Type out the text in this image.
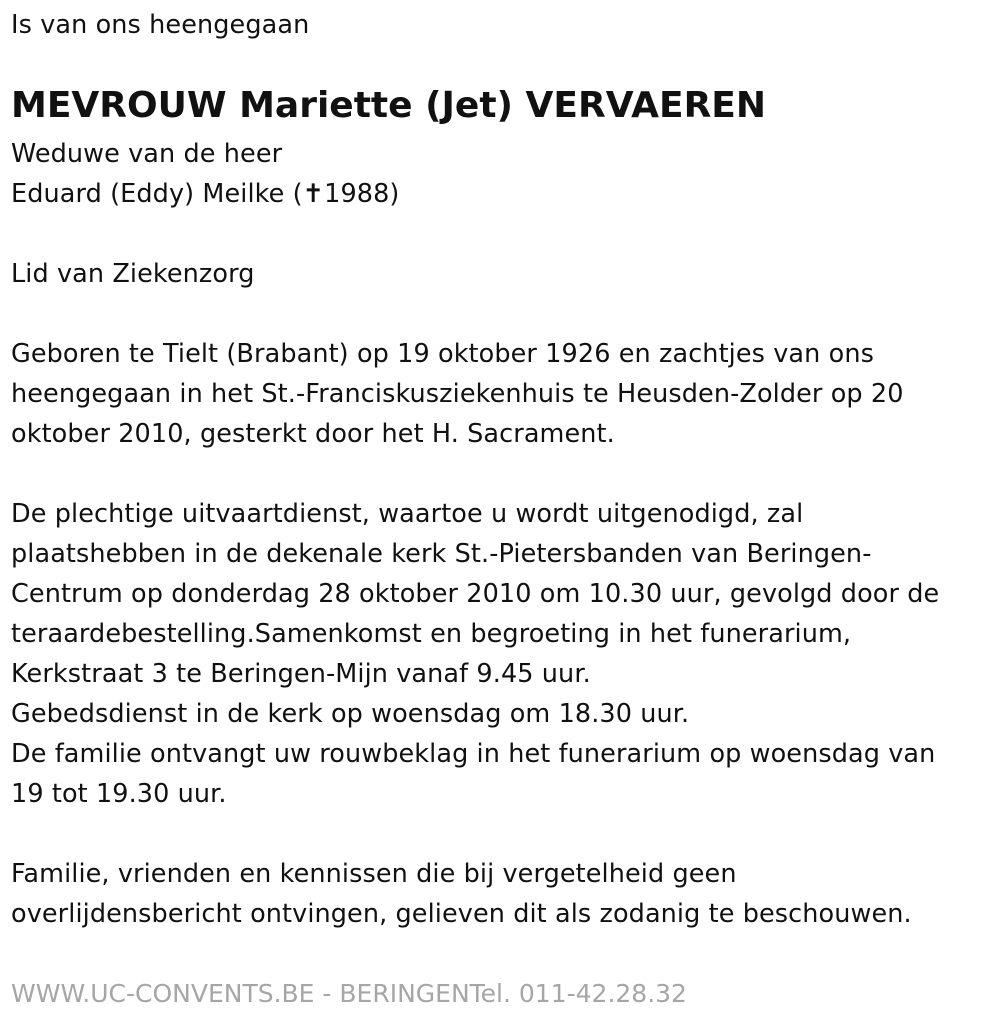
Is van ons heengegaan
MEVROUW Mariette (Jet) VERVAEREN
Weduwe van de heer
Eduard (Eddy) Meilke (✝1988)
Lid van Ziekenzorg
Geboren te Tielt (Brabant) op 19 oktober 1926 en zachtjes van ons
heengegaan in het St.-Franciskusziekenhuis te Heusden-Zolder op 20
oktober 2010, gesterkt door het H. Sacrament.
De plechtige uitvaartdienst, waartoe u wordt uitgenodigd, zal
plaatshebben in de dekenale kerk St.-Pietersbanden van Beringen-
Centrum op donderdag 28 oktober 2010 om 10.30 uur, gevolgd door de
teraardebestelling.Samenkomst en begroeting in het funerarium,
Kerkstraat 3 te Beringen-Mijn vanaf 9.45 uur.
Gebedsdienst in de kerk op woensdag om 18.30 uur.
De familie ontvangt uw rouwbeklag in het funerarium op woensdag van
19 tot 19.30 uur.
Familie, vrienden en kennissen die bij vergetelheid geen
overlijdensbericht ontvingen, gelieven dit als zodanig te beschouwen.
WWW.UC-CONVENTS.BE - BERINGENTel. 011-42.28.32
